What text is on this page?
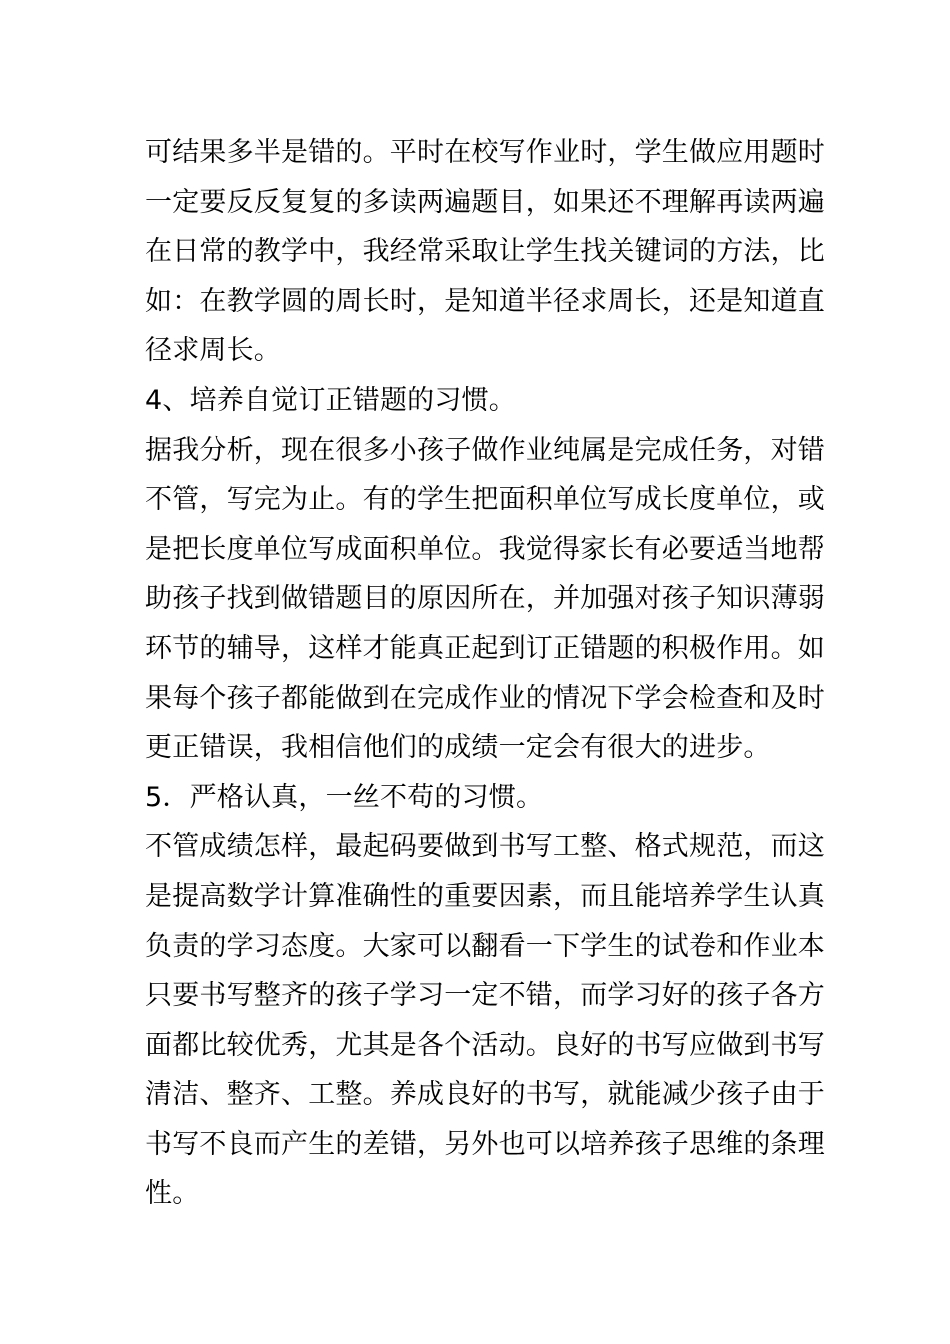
可结果多半是错的。平时在校写作业时，学生做应用题时
一定要反反复复的多读两遍题目，如果还不理解再读两遍
在日常的教学中，我经常采取让学生找关键词的方法，比
如：在教学圆的周长时，是知道半径求周长，还是知道直
径求周长。
4、培养自觉订正错题的习惯。
据我分析，现在很多小孩子做作业纯属是完成任务，对错
不管，写完为止。有的学生把面积单位写成长度单位，或
是把长度单位写成面积单位。我觉得家长有必要适当地帮
助孩子找到做错题目的原因所在，并加强对孩子知识薄弱
环节的辅导，这样才能真正起到订正错题的积极作用。如
果每个孩子都能做到在完成作业的情况下学会检查和及时
更正错误，我相信他们的成绩一定会有很大的进步。
5．严格认真，一丝不苟的习惯。
不管成绩怎样，最起码要做到书写工整、格式规范，而这
是提高数学计算准确性的重要因素，而且能培养学生认真
负责的学习态度。大家可以翻看一下学生的试卷和作业本
只要书写整齐的孩子学习一定不错，而学习好的孩子各方
面都比较优秀，尤其是各个活动。良好的书写应做到书写
清洁、整齐、工整。养成良好的书写，就能减少孩子由于
书写不良而产生的差错，另外也可以培养孩子思维的条理
性。
